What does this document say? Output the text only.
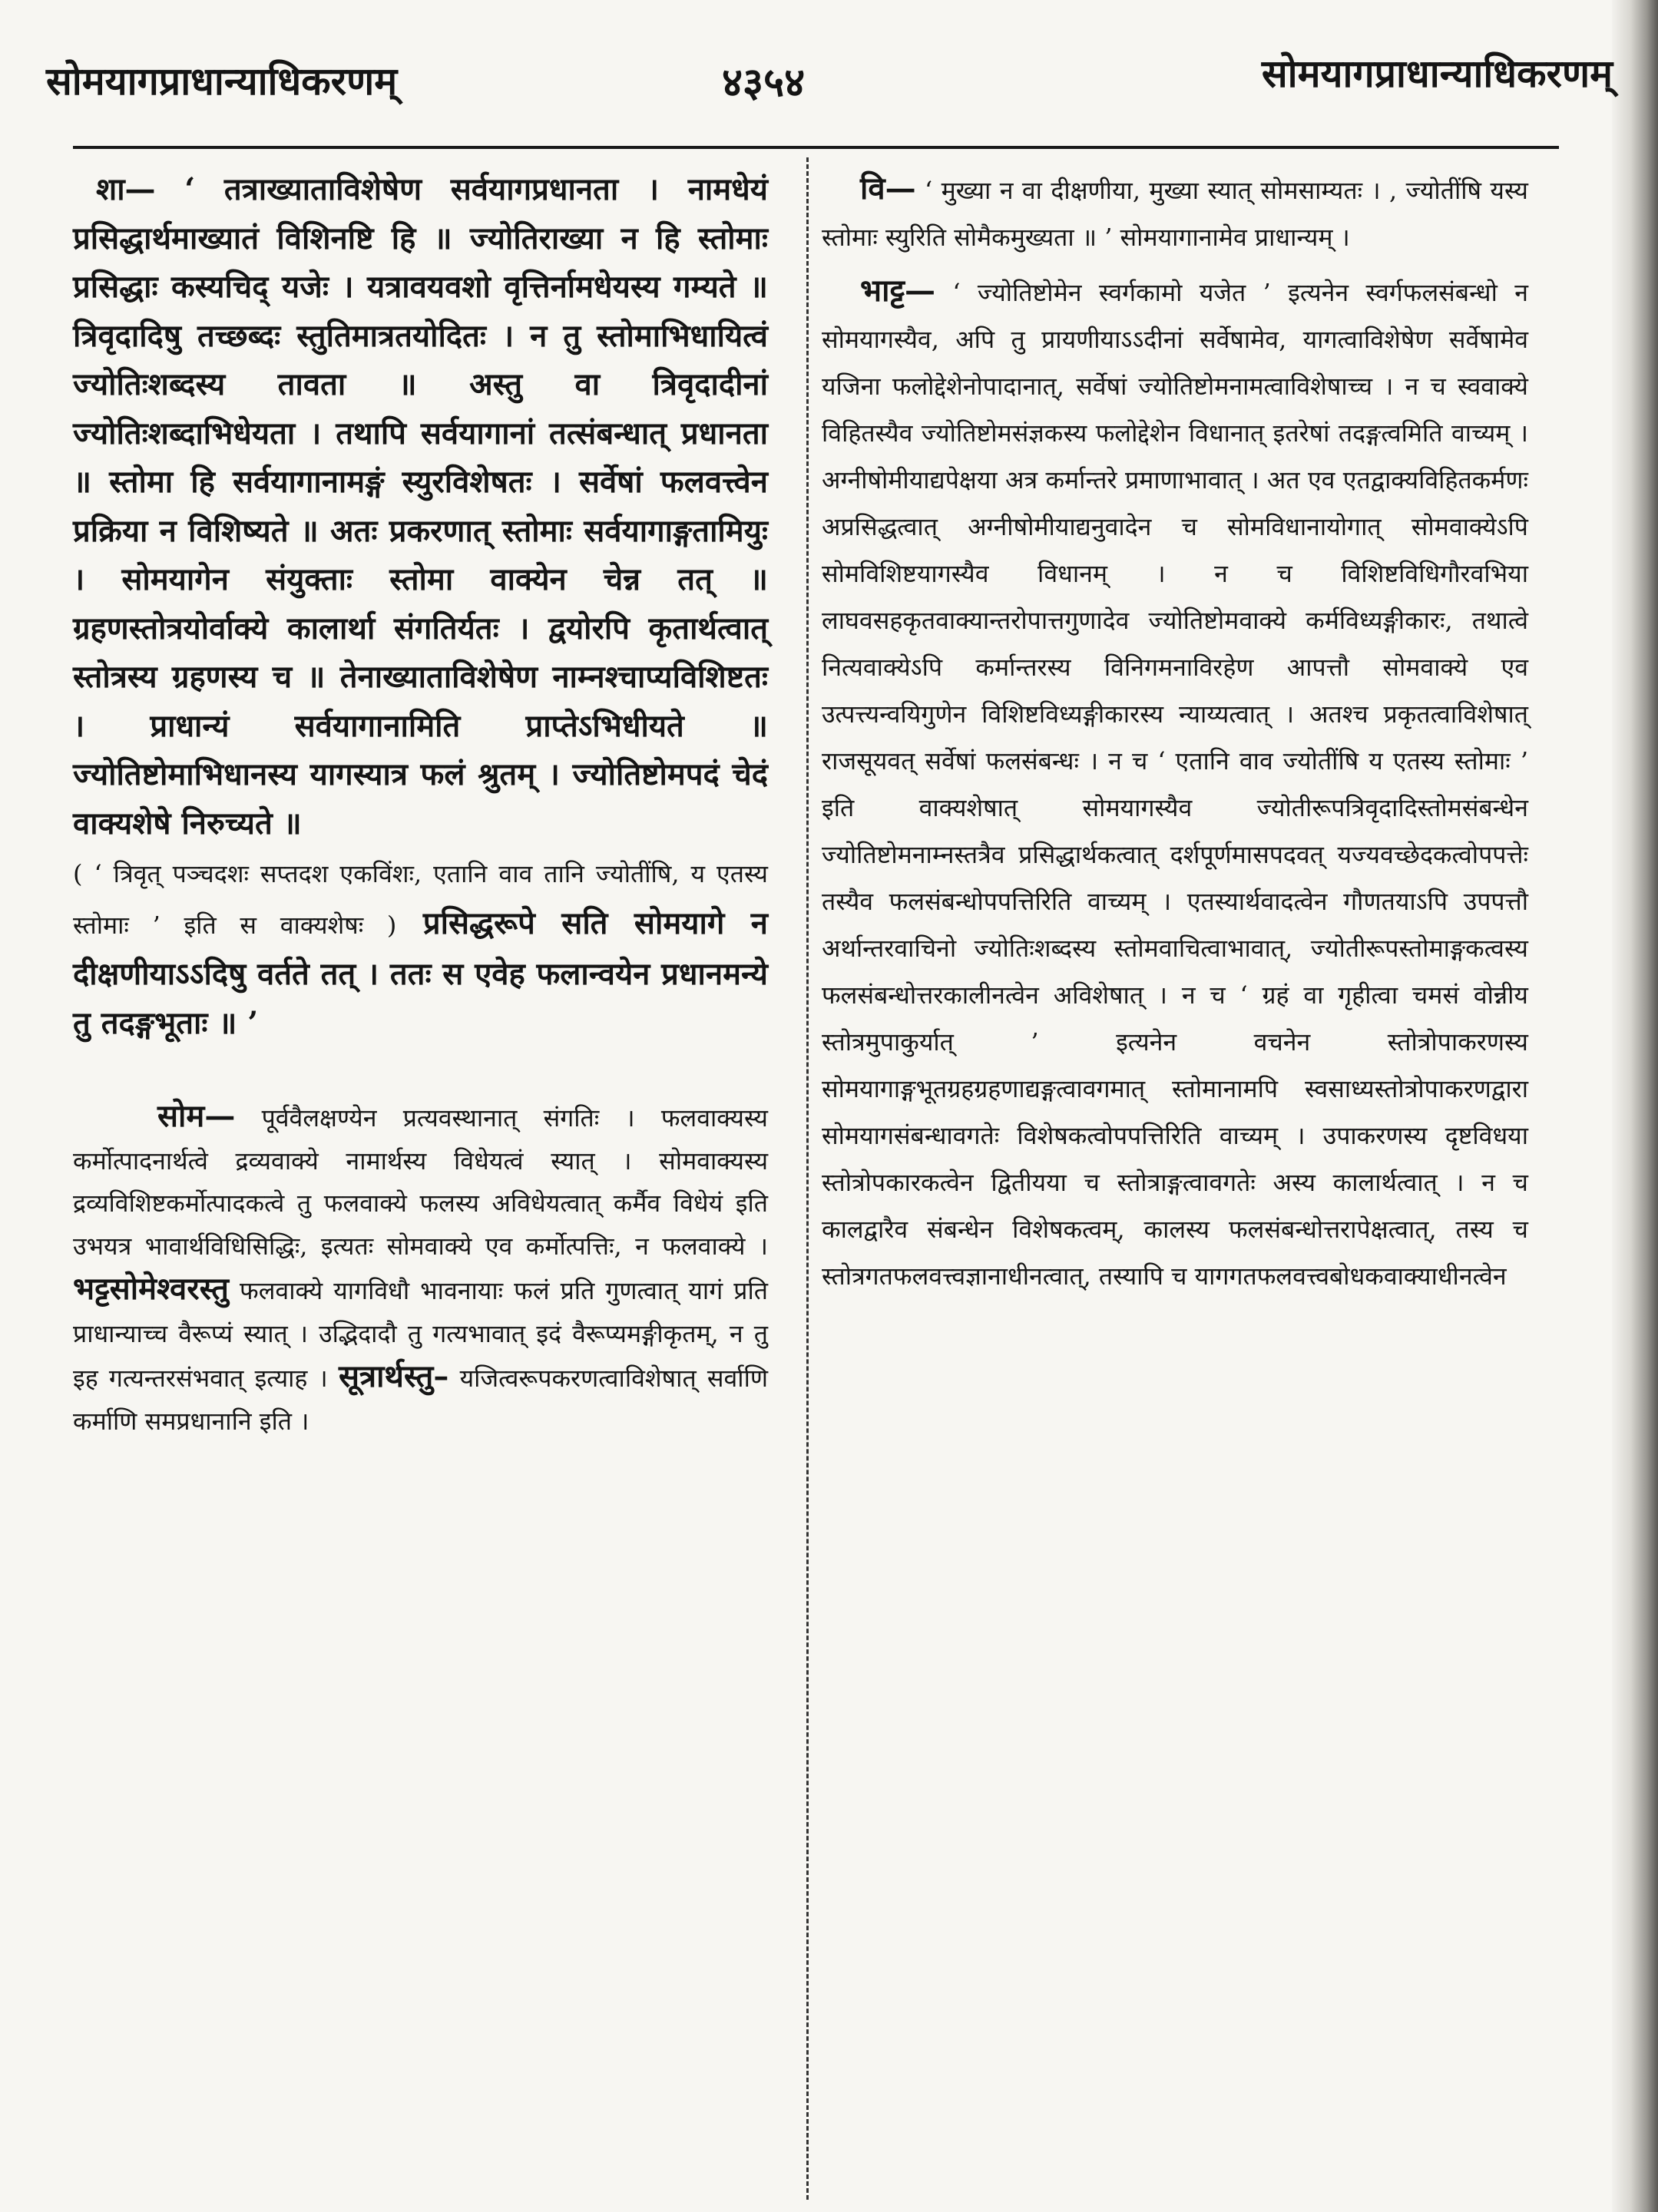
सोमयागप्राधान्याधिकरणम्	४३५४	सोमयागप्राधान्याधिकरणम्

शा— ‘ तत्राख्याताविशेषेण सर्वयागप्रधानता । नामधेयं प्रसिद्धार्थमाख्यातं विशिनष्टि हि ॥ ज्योतिराख्या न हि स्तोमाः प्रसिद्धाः कस्यचिद् यजेः । यत्रावयवशो वृत्तिर्नामधेयस्य गम्यते ॥ त्रिवृदादिषु तच्छब्दः स्तुतिमात्रतयोदितः । न तु स्तोमाभिधायित्वं ज्योतिःशब्दस्य तावता ॥ अस्तु वा त्रिवृदादीनां ज्योतिःशब्दाभिधेयता । तथापि सर्वयागानां तत्संबन्धात् प्रधानता ॥ स्तोमा हि सर्वयागानामङ्गं स्युरविशेषतः । सर्वेषां फलवत्त्वेन प्रक्रिया न विशिष्यते ॥ अतः प्रकरणात् स्तोमाः सर्वयागाङ्गतामियुः । सोमयागेन संयुक्ताः स्तोमा वाक्येन चेन्न तत् ॥ ग्रहणस्तोत्रयोर्वाक्ये कालार्था संगतिर्यतः । द्वयोरपि कृतार्थत्वात् स्तोत्रस्य ग्रहणस्य च ॥ तेनाख्याताविशेषेण नाम्नश्चाप्यविशिष्टतः । प्राधान्यं सर्वयागानामिति प्राप्तेऽभिधीयते ॥ ज्योतिष्टोमाभिधानस्य यागस्यात्र फलं श्रुतम् । ज्योतिष्टोमपदं चेदं वाक्यशेषे निरुच्यते ॥

( ‘ त्रिवृत् पञ्चदशः सप्तदश एकविंशः, एतानि वाव तानि ज्योतींषि, य एतस्य स्तोमाः ’ इति स वाक्यशेषः ) प्रसिद्धरूपे सति सोमयागे न दीक्षणीयाऽऽदिषु वर्तते तत् । ततः स एवेह फलान्वयेन प्रधानमन्ये तु तदङ्गभूताः ॥ ’

सोम— पूर्ववैलक्षण्येन प्रत्यवस्थानात् संगतिः । फलवाक्यस्य कर्मोत्पादनार्थत्वे द्रव्यवाक्ये नामार्थस्य विधेयत्वं स्यात् । सोमवाक्यस्य द्रव्यविशिष्टकर्मोत्पादकत्वे तु फलवाक्ये फलस्य अविधेयत्वात् कर्मैव विधेयं इति उभयत्र भावार्थविधिसिद्धिः, इत्यतः सोमवाक्ये एव कर्मोत्पत्तिः, न फलवाक्ये । भट्टसोमेश्वरस्तु फलवाक्ये यागविधौ भावनायाः फलं प्रति गुणत्वात् यागं प्रति प्राधान्याच्च वैरूप्यं स्यात् । उद्भिदादौ तु गत्यभावात् इदं वैरूप्यमङ्गीकृतम्, न तु इह गत्यन्तरसंभवात् इत्याह । सूत्रार्थस्तु– यजित्वरूपकरणत्वाविशेषात् सर्वाणि कर्माणि समप्रधानानि इति ।

वि— ‘ मुख्या न वा दीक्षणीया, मुख्या स्यात् सोमसाम्यतः । , ज्योतींषि यस्य स्तोमाः स्युरिति सोमैकमुख्यता ॥ ’ सोमयागानामेव प्राधान्यम् ।

भाट्ट— ‘ ज्योतिष्टोमेन स्वर्गकामो यजेत ’ इत्यनेन स्वर्गफलसंबन्धो न सोमयागस्यैव, अपि तु प्रायणीयाऽऽदीनां सर्वेषामेव, यागत्वाविशेषेण सर्वेषामेव यजिना फलोद्देशेनोपादानात्, सर्वेषां ज्योतिष्टोमनामत्वाविशेषाच्च । न च स्ववाक्ये विहितस्यैव ज्योतिष्टोमसंज्ञकस्य फलोद्देशेन विधानात् इतरेषां तदङ्गत्वमिति वाच्यम् । अग्नीषोमीयाद्यपेक्षया अत्र कर्मान्तरे प्रमाणाभावात् । अत एव एतद्वाक्यविहितकर्मणः अप्रसिद्धत्वात् अग्नीषोमीयाद्यनुवादेन च सोमविधानायोगात् सोमवाक्येऽपि सोमविशिष्टयागस्यैव विधानम् । न च विशिष्टविधिगौरवभिया लाघवसहकृतवाक्यान्तरोपात्तगुणादेव ज्योतिष्टोमवाक्ये कर्मविध्यङ्गीकारः, तथात्वे नित्यवाक्येऽपि कर्मान्तरस्य विनिगमनाविरहेण आपत्तौ सोमवाक्ये एव उत्पत्त्यन्वयिगुणेन विशिष्टविध्यङ्गीकारस्य न्याय्यत्वात् । अतश्च प्रकृतत्वाविशेषात् राजसूयवत् सर्वेषां फलसंबन्धः । न च ‘ एतानि वाव ज्योतींषि य एतस्य स्तोमाः ’ इति वाक्यशेषात् सोमयागस्यैव ज्योतीरूपत्रिवृदादिस्तोमसंबन्धेन ज्योतिष्टोमनाम्नस्तत्रैव प्रसिद्धार्थकत्वात् दर्शपूर्णमासपदवत् यज्यवच्छेदकत्वोपपत्तेः तस्यैव फलसंबन्धोपपत्तिरिति वाच्यम् । एतस्यार्थवादत्वेन गौणतयाऽपि उपपत्तौ अर्थान्तरवाचिनो ज्योतिःशब्दस्य स्तोमवाचित्वाभावात्, ज्योतीरूपस्तोमाङ्गकत्वस्य फलसंबन्धोत्तरकालीनत्वेन अविशेषात् । न च ‘ ग्रहं वा गृहीत्वा चमसं वोन्नीय स्तोत्रमुपाकुर्यात् ’ इत्यनेन वचनेन स्तोत्रोपाकरणस्य सोमयागाङ्गभूतग्रहग्रहणाद्यङ्गत्वावगमात् स्तोमानामपि स्वसाध्यस्तोत्रोपाकरणद्वारा सोमयागसंबन्धावगतेः विशेषकत्वोपपत्तिरिति वाच्यम् । उपाकरणस्य दृष्टविधया स्तोत्रोपकारकत्वेन द्वितीयया च स्तोत्राङ्गत्वावगतेः अस्य कालार्थत्वात् । न च कालद्वारैव संबन्धेन विशेषकत्वम्, कालस्य फलसंबन्धोत्तरापेक्षत्वात्, तस्य च स्तोत्रगतफलवत्त्वज्ञानाधीनत्वात्, तस्यापि च यागगतफलवत्त्वबोधकवाक्याधीनत्वेन
